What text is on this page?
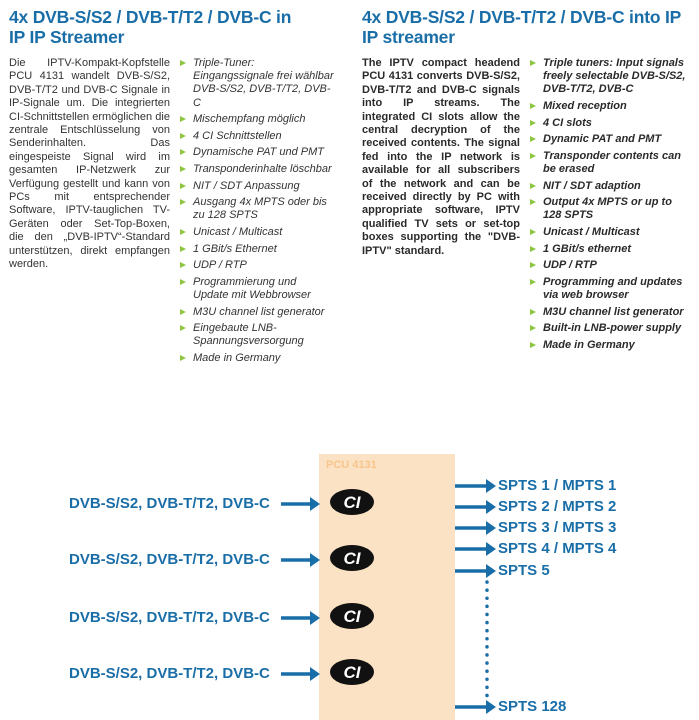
4x DVB-S/S2 / DVB-T/T2 / DVB-C in IP IP Streamer
Die IPTV-Kompakt-Kopfstelle PCU 4131 wandelt DVB-S/S2, DVB-T/T2 und DVB-C Signale in IP-Signale um. Die integrierten CI-Schnittstellen ermöglichen die zentrale Entschlüsselung von Senderinhalten. Das eingespeiste Signal wird im gesamten IP-Netzwerk zur Verfügung gestellt und kann von PCs mit entsprechender Software, IPTV-tauglichen TV-Geräten oder Set-Top-Boxen, die den „DVB-IPTV“-Standard unterstützen, direkt empfangen werden.
Triple-Tuner: Eingangssignale frei wählbar DVB-S/S2, DVB-T/T2, DVB-C
Mischempfang möglich
4 CI Schnittstellen
Dynamische PAT und PMT
Transponderinhalte löschbar
NIT / SDT Anpassung
Ausgang 4x MPTS oder bis zu 128 SPTS
Unicast / Multicast
1 GBit/s Ethernet
UDP / RTP
Programmierung und Update mit Webbrowser
M3U channel list generator
Eingebaute LNB-Spannungsversorgung
Made in Germany
4x DVB-S/S2 / DVB-T/T2 / DVB-C into IP IP streamer
The IPTV compact headend PCU 4131 converts DVB-S/S2, DVB-T/T2 and DVB-C signals into IP streams. The integrated CI slots allow the central decryption of the received contents. The signal fed into the IP network is available for all subscribers of the network and can be received directly by PC with appropriate software, IPTV qualified TV sets or set-top boxes supporting the "DVB-IPTV" standard.
Triple tuners: Input signals freely selectable DVB-S/S2, DVB-T/T2, DVB-C
Mixed reception
4 CI slots
Dynamic PAT and PMT
Transponder contents can be erased
NIT / SDT adaption
Output 4x MPTS or up to 128 SPTS
Unicast / Multicast
1 GBit/s ethernet
UDP / RTP
Programming and updates via web browser
M3U channel list generator
Built-in LNB-power supply
Made in Germany
PCU 4131
DVB-S/S2, DVB-T/T2, DVB-C
DVB-S/S2, DVB-T/T2, DVB-C
DVB-S/S2, DVB-T/T2, DVB-C
DVB-S/S2, DVB-T/T2, DVB-C
SPTS 1 / MPTS 1
SPTS 2 / MPTS 2
SPTS 3 / MPTS 3
SPTS 4 / MPTS 4
SPTS 5
SPTS 128
CI
CI
CI
CI
